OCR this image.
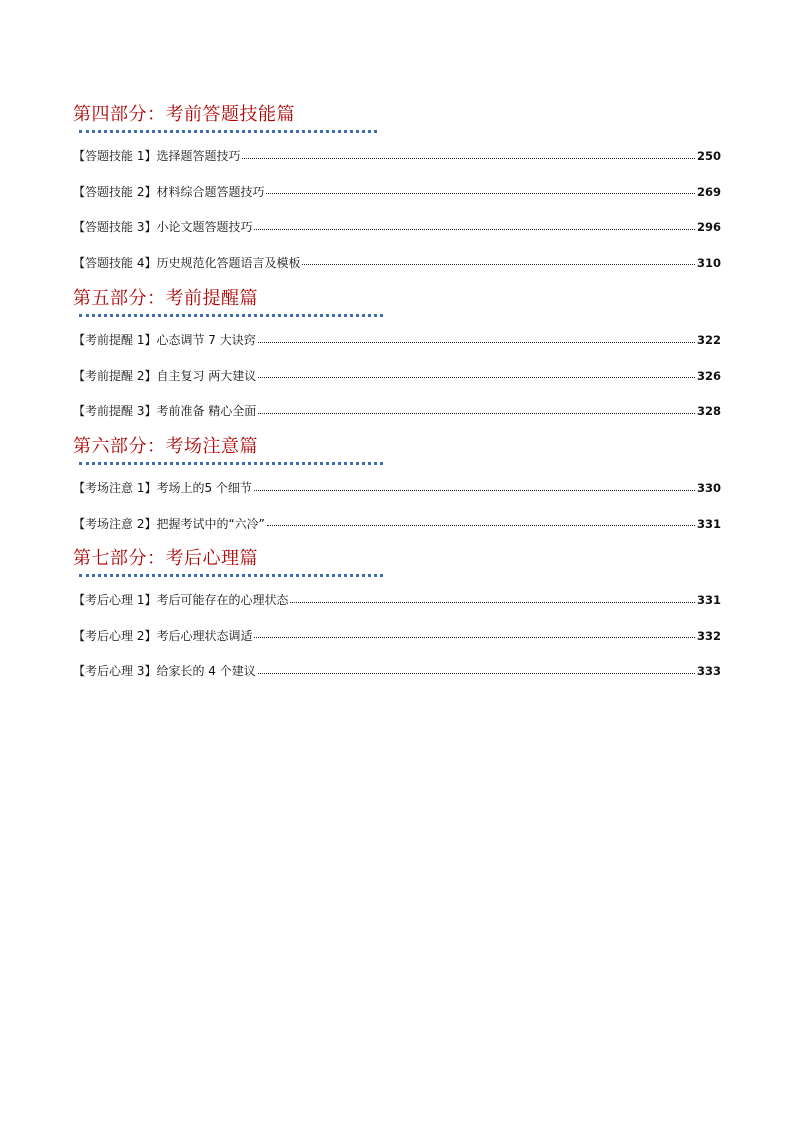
第四部分：考前答题技能篇
【答题技能 1】选择题答题技巧	250
【答题技能 2】材料综合题答题技巧	269
【答题技能 3】小论文题答题技巧	296
【答题技能 4】历史规范化答题语言及模板	310
第五部分：考前提醒篇
【考前提醒 1】心态调节 7 大诀窍	322
【考前提醒 2】自主复习 两大建议	326
【考前提醒 3】考前准备 精心全面	328
第六部分：考场注意篇
【考场注意 1】考场上的5 个细节	330
【考场注意 2】把握考试中的“六冷”	331
第七部分：考后心理篇
【考后心理 1】考后可能存在的心理状态	331
【考后心理 2】考后心理状态调适	332
【考后心理 3】给家长的 4 个建议	333
